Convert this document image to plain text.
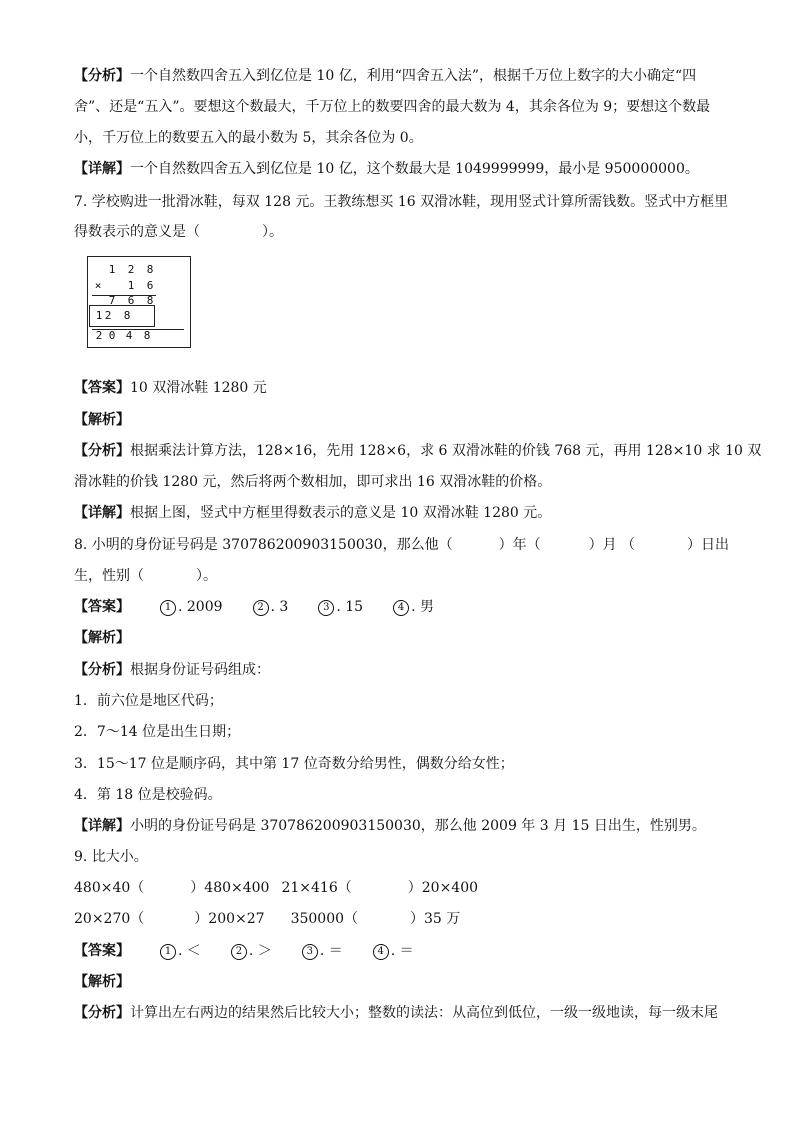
【分析】一个自然数四舍五入到亿位是 10 亿，利用“四舍五入法”，根据千万位上数字的大小确定“四
舍”、还是“五入”。要想这个数最大，千万位上的数要四舍的最大数为 4，其余各位为 9；要想这个数最
小，千万位上的数要五入的最小数为 5，其余各位为 0。
【详解】一个自然数四舍五入到亿位是 10 亿，这个数最大是 1049999999，最小是 950000000。
7. 学校购进一批滑冰鞋，每双 128 元。王教练想买 16 双滑冰鞋，现用竖式计算所需钱数。竖式中方框里
得数表示的意义是（	）。
1 2 8
× 1 6
7 6 8
1 2 8
2 0 4 8
【答案】10 双滑冰鞋 1280 元
【解析】
【分析】根据乘法计算方法，128×16，先用 128×6，求 6 双滑冰鞋的价钱 768 元，再用 128×10 求 10 双
滑冰鞋的价钱 1280 元，然后将两个数相加，即可求出 16 双滑冰鞋的价格。
【详解】根据上图，竖式中方框里得数表示的意义是 10 双滑冰鞋 1280 元。
8. 小明的身份证号码是 370786200903150030，那么他（	）年（	）月 （	）日出
生，性别（	）。
【答案】	1 . 2009	2 . 3	3 . 15	4 . 男
【解析】
【分析】根据身份证号码组成：
1．前六位是地区代码；
2．7～14 位是出生日期；
3．15～17 位是顺序码，其中第 17 位奇数分给男性，偶数分给女性；
4．第 18 位是校验码。
【详解】小明的身份证号码是 370786200903150030，那么他 2009 年 3 月 15 日出生，性别男。
9. 比大小。
480×40（	）480×400 21×416（	）20×400
20×270（	）200×27 350000（	）35 万
【答案】	1 . ＜	2 . ＞	3 . ＝	4 . ＝
【解析】
【分析】计算出左右两边的结果然后比较大小；整数的读法：从高位到低位，一级一级地读，每一级末尾
